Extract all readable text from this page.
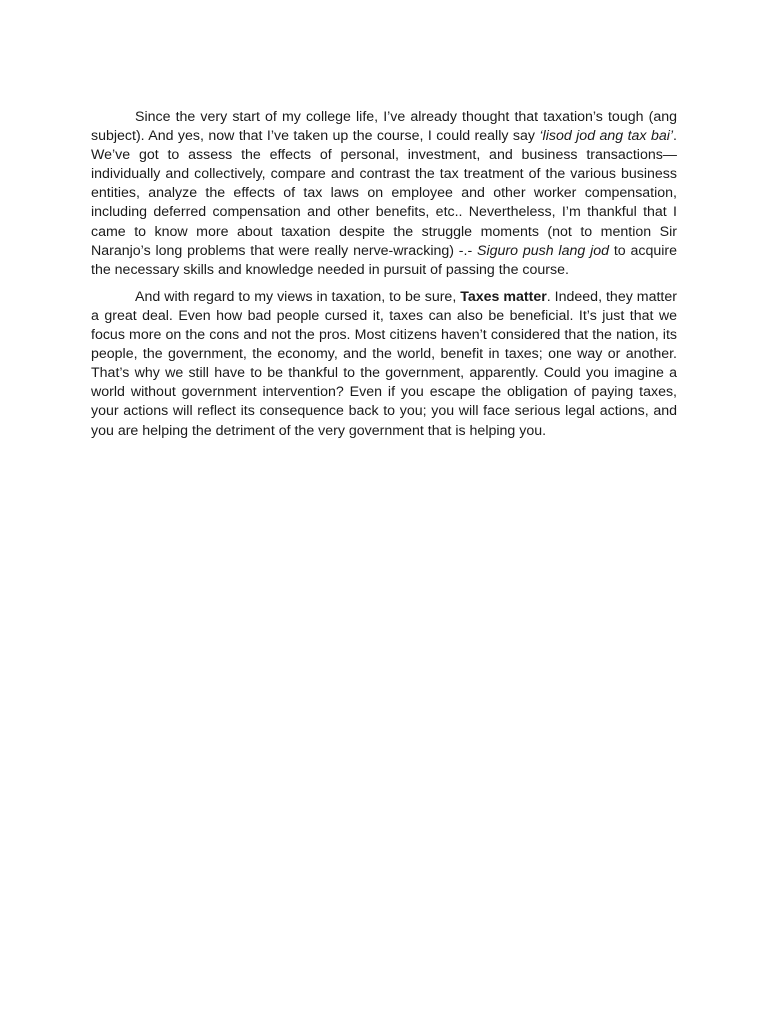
Since the very start of my college life, I’ve already thought that taxation’s tough (ang subject). And yes, now that I’ve taken up the course, I could really say ‘lisod jod ang tax bai’. We’ve got to assess the effects of personal, investment, and business transactions—individually and collectively, compare and contrast the tax treatment of the various business entities, analyze the effects of tax laws on employee and other worker compensation, including deferred compensation and other benefits, etc.. Nevertheless, I’m thankful that I came to know more about taxation despite the struggle moments (not to mention Sir Naranjo’s long problems that were really nerve-wracking) -.- Siguro push lang jod to acquire the necessary skills and knowledge needed in pursuit of passing the course.

And with regard to my views in taxation, to be sure, Taxes matter. Indeed, they matter a great deal. Even how bad people cursed it, taxes can also be beneficial. It’s just that we focus more on the cons and not the pros. Most citizens haven’t considered that the nation, its people, the government, the economy, and the world, benefit in taxes; one way or another. That’s why we still have to be thankful to the government, apparently. Could you imagine a world without government intervention? Even if you escape the obligation of paying taxes, your actions will reflect its consequence back to you; you will face serious legal actions, and you are helping the detriment of the very government that is helping you.
